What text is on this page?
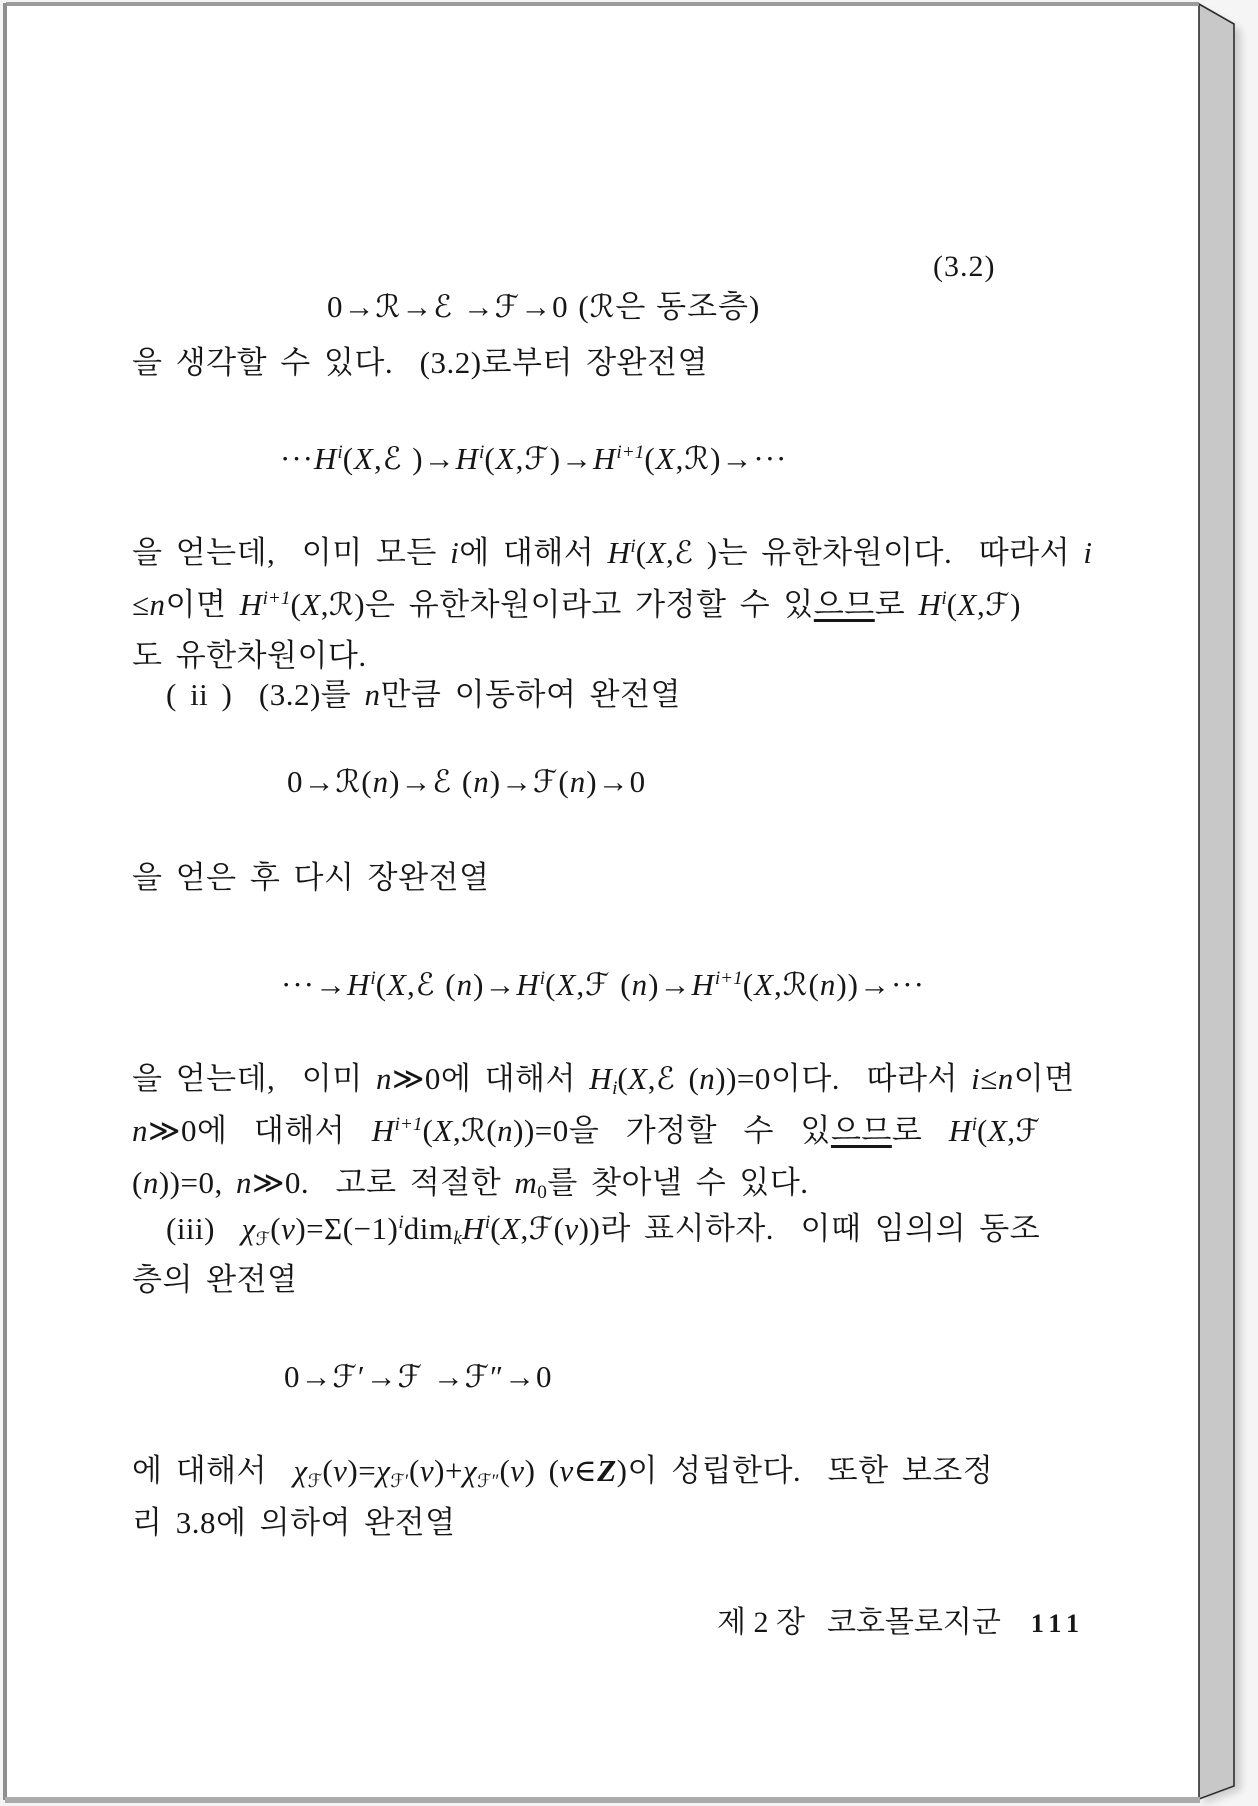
0→ℛ→ℰ →ℱ→0 (ℛ은 동조층)

(3.2)

을 생각할 수 있다.  (3.2)로부터 장완전열
$\cdot\cdot\cdot H^i(X,ℰ$ )$\to H^i(X,ℱ)\to H^{i+1}(X,ℛ)\to\cdot\cdot\cdot$
을 얻는데,  이미 모든 i에 대해서 $H^i(X,ℰ$ )는 유한차원이다.  따라서 i
≤n이면 $H^{i+1}(X,ℛ)$은 유한차원이라고 가정할 수 있으므로 $H^i(X,ℱ)$
도 유한차원이다.
( ii )  (3.2)를 n만큼 이동하여 완전열
0→ℛ(n)→ℰ (n)→ℱ(n)→0
을 얻은 후 다시 장완전열
$\cdot\cdot\cdot\to H^i(X,ℰ$ $(n)\to H^i(X,ℱ$ $(n)\to H^{i+1}(X,ℛ(n))\to\cdot\cdot\cdot$
을 얻는데,  이미 n≫0에 대해서 Hi(X,ℰ (n))=0이다.  따라서 i≤n이면
n≫0에  대해서  $H^{i+1}(X,ℛ(n))=0$을  가정할  수  있으므로  $H^i(X,ℱ$
(n))=0, n≫0.  고로 적절한 m0를 찾아낼 수 있다.
(iii)  $\chi_ℱ(\nu)=\Sigma(-1)^idimkH^i(X,ℱ(\nu))$라 표시하자.  이때 임의의 동조
층의 완전열
0→ℱ′→ℱ →ℱ″→0
에 대해서  $\chi_ℱ(\nu)=\chi_{ℱ'}(\nu)+\chi_{ℱ''}(\nu)$ (ν∈Z)이 성립한다.  또한 보조정
리 3.8에 의하여 완전열

제 2 장 코호몰로지군 111
